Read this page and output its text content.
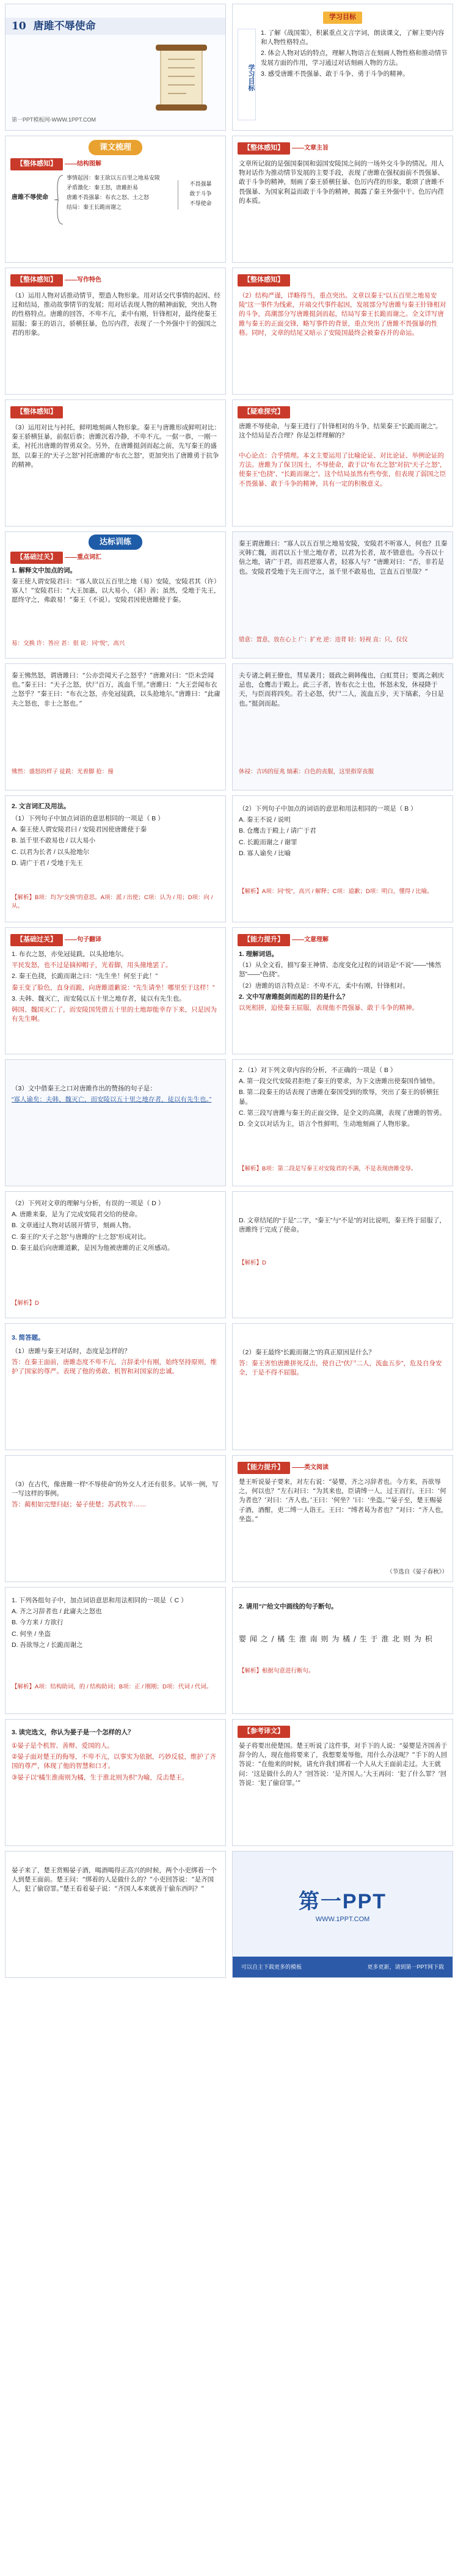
10 唐雎不辱使命
第一PPT模板网-WWW.1PPT.COM
学习目标
学习目标
1. 了解《战国策》，积累重点文言字词，朗读课文，了解主要内容和人物性格特点。
2. 体会人物对话的特点，理解人物语言在刻画人物性格和推动情节发展方面的作用，学习通过对话刻画人物的方法。
3. 感受唐雎不畏强暴、敢于斗争、勇于斗争的精神。
课文梳理
【整体感知】 ——结构图解
唐雎不辱使命
事情起因：秦王欲以五百里之地易安陵
矛盾激化：秦王怒，唐雎拒易
唐雎不畏强暴：布衣之怒、士之怒
结局：秦王长跪而谢之
不畏强暴
敢于斗争
不辱使命
【整体感知】 ——文章主旨
文章所记叙的是强国秦国和弱国安陵国之间的一场外交斗争的情况。用人物对话作为推动情节发展的主要手段，表现了唐雎在强权面前不畏强暴、敢于斗争的精神，刻画了秦王骄横狂暴、色厉内荏的形象，歌颂了唐雎不畏强暴、为国家利益而敢于斗争的精神，揭露了秦王外强中干、色厉内荏的本质。
【整体感知】 ——写作特色
（1）运用人物对话推动情节，塑造人物形象。用对话交代事情的起因、经过和结局，推动故事情节的发展；用对话表现人物的精神面貌，突出人物的性格特点。唐雎的回答，不卑不亢，柔中有刚，针锋相对，最终使秦王屈服；秦王的语言，骄横狂暴，色厉内荏，表现了一个外强中干的强国之君的形象。
【整体感知】
（2）结构严谨，详略得当，重点突出。文章以秦王“以五百里之地易安陵”这一事件为线索，开端交代事件起因，发展部分写唐雎与秦王针锋相对的斗争，高潮部分写唐雎挺剑而起，结局写秦王长跪而谢之。全文详写唐雎与秦王的正面交锋，略写事件的背景，重点突出了唐雎不畏强暴的性格。同时，文章的结尾又暗示了安陵国最终会被秦吞并的命运。
【整体感知】
（3）运用对比与衬托，鲜明地刻画人物形象。秦王与唐雎形成鲜明对比：秦王骄横狂暴，前倨后恭；唐雎沉着冷静，不卑不亢。一倨一恭，一刚一柔，衬托出唐雎的智勇双全。另外，在唐雎挺剑而起之前，先写秦王的盛怒，以秦王的“天子之怒”衬托唐雎的“布衣之怒”，更加突出了唐雎勇于抗争的精神。
【疑难探究】
唐雎不辱使命，与秦王进行了针锋相对的斗争，结果秦王“长跪而谢之”。这个结局是否合理？你是怎样理解的？
中心论点：合乎情理。本文主要运用了比喻论证、对比论证、举例论证的方法。唐雎为了保卫国土，不辱使命，敢于以“布衣之怒”对抗“天子之怒”，使秦王“色挠”、“长跪而谢之”。这个结局虽然有些夸张，但表现了弱国之臣不畏强暴、敢于斗争的精神，具有一定的积极意义。
达标训练
【基础过关】 ——重点词汇
1. 解释文中加点的词。
秦王使人谓安陵君曰：“寡人欲以五百里之地（易）安陵，安陵君其（许）寡人！”安陵君曰：“大王加惠，以大易小，（甚）善；虽然，受地于先王，愿终守之，弗敢易！”秦王（不说）。安陵君因使唐雎使于秦。
易：交换 许：答应 甚：很 说：同“悦”，高兴
秦王谓唐雎曰：“寡人以五百里之地易安陵，安陵君不听寡人，何也？且秦灭韩亡魏，而君以五十里之地存者，以君为长者，故不错意也。今吾以十倍之地，请广于君，而君逆寡人者，轻寡人与？”唐雎对曰：“否，非若是也。安陵君受地于先王而守之，虽千里不敢易也，岂直五百里哉？”
错意：置意，放在心上 广：扩充 逆：违背 轻：轻视 直：只，仅仅
秦王怫然怒，谓唐雎曰：“公亦尝闻天子之怒乎？”唐雎对曰：“臣未尝闻也。”秦王曰：“天子之怒，伏尸百万，流血千里。”唐雎曰：“大王尝闻布衣之怒乎？”秦王曰：“布衣之怒，亦免冠徒跣，以头抢地尔。”唐雎曰：“此庸夫之怒也，非士之怒也。”
怫然：盛怒的样子 徒跣：光着脚 抢：撞
夫专诸之刺王僚也，彗星袭月；聂政之刺韩傀也，白虹贯日；要离之刺庆忌也，仓鹰击于殿上。此三子者，皆布衣之士也，怀怒未发，休祲降于天，与臣而将四矣。若士必怒，伏尸二人，流血五步，天下缟素，今日是也。”挺剑而起。
休祲：吉凶的征兆 缟素：白色的丧服，这里指穿丧服
2. 文言词汇及用法。
（1）下列句子中加点词语的意思相同的一项是（ B ）
A. 秦王使人谓安陵君曰 / 安陵君因使唐雎使于秦
B. 虽千里不敢易也 / 以大易小
C. 以君为长者 / 以头抢地尔
D. 请广于君 / 受地于先王
【解析】B项：均为“交换”的意思。A项：派 / 出使；C项：认为 / 用；D项：向 / 从。
（2）下列句子中加点的词语的意思和用法相同的一项是（ B ）
A. 秦王不说 / 说明
B. 仓鹰击于殿上 / 请广于君
C. 长跪而谢之 / 谢罪
D. 寡人谕矣 / 比喻
【解析】A项：同“悦”，高兴 / 解释；C项：道歉；D项：明白，懂得 / 比喻。
【基础过关】 ——句子翻译
1. 布衣之怒，亦免冠徒跣，以头抢地尔。
平民发怒，也不过是摘掉帽子，光着脚，用头撞地罢了。
2. 秦王色挠，长跪而谢之曰：“先生坐！何至于此！”
秦王变了脸色，直身而跪，向唐雎道歉说：“先生请坐！哪里至于这样！”
3. 夫韩、魏灭亡，而安陵以五十里之地存者，徒以有先生也。
韩国、魏国灭亡了，而安陵国凭借五十里的土地却能幸存下来，只是因为有先生啊。
【能力提升】 ——文意理解
1. 理解词语。
（1）从全文看，描写秦王神情、态度变化过程的词语是“不说”——“怫然怒”——“色挠”。
（2）唐雎的语言特点是：不卑不亢，柔中有刚，针锋相对。
2. 文中写唐雎挺剑而起的目的是什么？
以死相拼，迫使秦王屈服，表现他不畏强暴、敢于斗争的精神。
（3）文中借秦王之口对唐雎作出的赞扬的句子是：
“寡人谕矣：夫韩、魏灭亡，而安陵以五十里之地存者，徒以有先生也。”
2.（1）对下列文章内容的分析，不正确的一项是（ B ）
A. 第一段交代安陵君拒绝了秦王的要求，为下文唐雎出使秦国作铺垫。
B. 第二段秦王的话表现了唐雎在秦国受到的欺辱，突出了秦王的骄横狂暴。
C. 第三段写唐雎与秦王的正面交锋，是全文的高潮，表现了唐雎的智勇。
D. 全文以对话为主，语言个性鲜明，生动地刻画了人物形象。
【解析】B项：第二段是写秦王对安陵君的不满，不是表现唐雎受辱。
（2）下列对文章的理解与分析，有误的一项是（ D ）
A. 唐雎来秦，是为了完成安陵君交给的使命。
B. 文章通过人物对话展开情节，刻画人物。
C. 秦王的“天子之怒”与唐雎的“士之怒”形成对比。
D. 秦王最后向唐雎道歉，是因为他被唐雎的正义所感动。
【解析】D
D. 文章结尾的“于是”二字，“秦王”与“不是”的对比说明，秦王终于屈服了，唐雎终于完成了使命。
【解析】D
3. 简答题。
（1）唐雎与秦王对话时，态度是怎样的？
答：在秦王面前，唐雎态度不卑不亢，言辞柔中有刚，始终坚持原则，维护了国家的尊严。表现了他的勇敢、机智和对国家的忠诚。
（2）秦王最终“长跪而谢之”的真正原因是什么？
答：秦王害怕唐雎拼死反击，使自己“伏尸二人，流血五步”，危及自身安全，于是不得不屈服。
（3）在古代，像唐雎一样“不辱使命”的外交人才还有很多。试举一例，写一写这样的事例。
答：蔺相如完璧归赵；晏子使楚；苏武牧羊……
【能力提升】 ——类文阅读
楚王听说晏子要来，对左右说：“晏婴，齐之习辞者也。今方来，吾欲辱之，何以也？”左右对曰：“为其来也，臣请缚一人，过王而行。王曰：‘何为者也？’对曰：‘齐人也。’王曰：‘何坐？’曰：‘坐盗。’”晏子至，楚王赐晏子酒，酒酣，吏二缚一人诣王。王曰：“缚者曷为者也？”对曰：“齐人也，坐盗。”
（节选自《晏子春秋》）
1. 下列各组句子中，加点词语意思和用法相同的一项是（ C ）
A. 齐之习辞者也 / 此庸夫之怒也
B. 今方来 / 方欲行
C. 何坐 / 坐盗
D. 吾欲辱之 / 长跪而谢之
【解析】A项：结构助词，的 / 结构助词；B项：正 / 刚刚；D项：代词 / 代词。
2. 请用“/”给文中画线的句子断句。
婴 闻 之 / 橘 生 淮 南 则 为 橘 / 生 于 淮 北 则 为 枳
【解析】根据句意进行断句。
3. 读完选文，你认为晏子是一个怎样的人？
①晏子是个机智、善辩、爱国的人。
②晏子面对楚王的侮辱，不卑不亢，以事实为依据，巧妙反驳，维护了齐国的尊严，体现了他的智慧和口才。
③晏子以“橘生淮南则为橘，生于淮北则为枳”为喻，反击楚王。
【参考译文】
晏子将要出使楚国。楚王听说了这件事，对手下的人说：“晏婴是齐国善于辞令的人，现在他将要来了，我想要羞辱他，用什么办法呢？”手下的人回答说：“在他来的时候，请允许我们绑着一个人从大王面前走过。大王就问：‘这是做什么的人？’回答说：‘是齐国人。’大王再问：‘犯了什么罪？’回答说：‘犯了偷窃罪。’”
晏子来了，楚王赏赐晏子酒，喝酒喝得正高兴的时候，两个小吏绑着一个人到楚王面前。楚王问：“绑着的人是做什么的？”小吏回答说：“是齐国人，犯了偷窃罪。”楚王看着晏子说：“齐国人本来就善于偷东西吗？”
第一PPT
WWW.1PPT.COM
可以自主下载更多的模板	更多更新，请到第一PPT网下载
